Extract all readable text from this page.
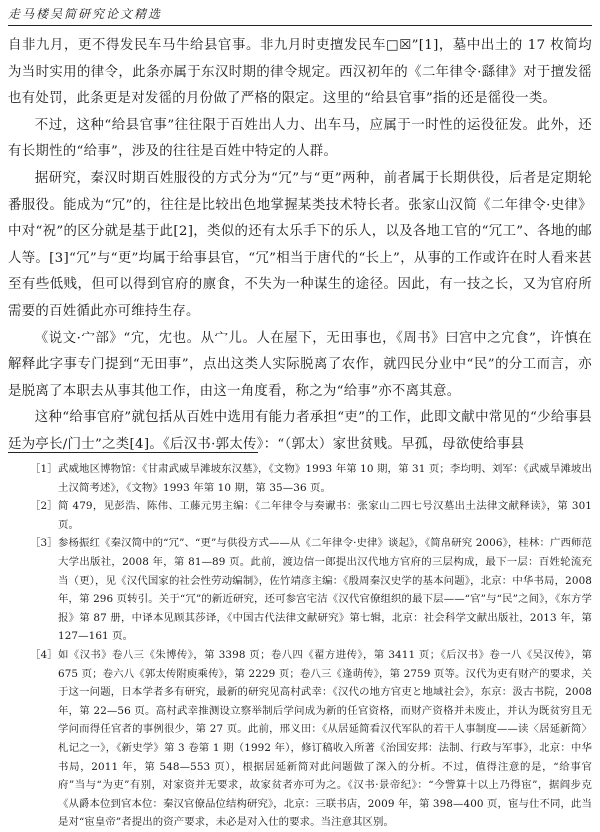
走马楼吴简研究论文精选

自非九月，更不得发民车马牛给县官事。非九月时吏擅发民车□☒”[1]，墓中出土的 17 枚简均为当时实用的律令，此条亦属于东汉时期的律令规定。西汉初年的《二年律令·繇律》对于擅发徭也有处罚，此条更是对发徭的月份做了严格的限定。这里的“给县官事”指的还是徭役一类。

不过，这种“给县官事”往往限于百姓出人力、出车马，应属于一时性的运役征发。此外，还有长期性的“给事”，涉及的往往是百姓中特定的人群。

据研究，秦汉时期百姓服役的方式分为“冗”与“更”两种，前者属于长期供役，后者是定期轮番服役。能成为“冗”的，往往是比较出色地掌握某类技术特长者。张家山汉简《二年律令·史律》中对“祝”的区分就是基于此[2]，类似的还有太乐手下的乐人，以及各地工官的“冗工”、各地的邮人等。[3]“冗”与“更”均属于给事县官，“冗”相当于唐代的“长上”，从事的工作或许在时人看来甚至有些低贱，但可以得到官府的廪食，不失为一种谋生的途径。因此，有一技之长，又为官府所需要的百姓循此亦可维持生存。

《说文·宀部》“宂，冘也。从宀儿。人在屋下，无田事也，《周书》曰宫中之宂食”，许慎在解释此字事专门提到“无田事”，点出这类人实际脱离了农作，就四民分业中“民”的分工而言，亦是脱离了本职去从事其他工作，由这一角度看，称之为“给事”亦不离其意。

这种“给事官府”就包括从百姓中选用有能力者承担“吏”的工作，此即文献中常见的“少给事县廷为亭长/门士”之类[4]。《后汉书·郭太传》：“（郭太）家世贫贱。早孤，母欲使给事县

［1］ 武威地区博物馆：《甘肃武威旱滩坡东汉墓》，《文物》1993 年第 10 期，第 31 页；李均明、刘军：《武威旱滩坡出土汉简考述》，《文物》1993 年第 10 期，第 35—36 页。
［2］ 简 479，见彭浩、陈伟、工藤元男主编：《二年律令与奏谳书：张家山二四七号汉墓出土法律文献释读》，第 301 页。
［3］ 参杨振红《秦汉简中的“冗”、“更”与供役方式——从《二年律令·史律》谈起》，《简帛研究 2006》，桂林：广西师范大学出版社，2008 年，第 81—89 页。此前，渡边信一郎提出汉代地方官府的三层构成，最下一层：百姓轮流充当（更），见《汉代国家的社会性劳动编制》，佐竹靖彦主编：《殷周秦汉史学的基本问题》，北京：中华书局，2008 年，第 296 页转引。关于“冗”的新近研究，还可参宫宅洁《汉代官僚组织的最下层——“官”与“民”之间》，《东方学报》第 87 册，中译本见顾其莎译，《中国古代法律文献研究》第七辑，北京：社会科学文献出版社，2013 年，第 127—161 页。
［4］ 如《汉书》卷八三《朱博传》，第 3398 页；卷八四《翟方进传》，第 3411 页；《后汉书》卷一八《吴汉传》，第 675 页；卷六八《郭太传附庾乘传》，第 2229 页；卷八三《逢萌传》，第 2759 页等。汉代为吏有财产的要求，关于这一问题，日本学者多有研究，最新的研究见高村武幸：《汉代の地方官吏と地域社会》，东京：汲古书院，2008 年，第 22—56 页。高村武幸推测设立察举制后学问成为新的任官资格，而财产资格并未废止，并认为既贫穷且无学问而得任官者的事例很少，第 27 页。此前，邢义田：《从居延简看汉代军队的若干人事制度——读〈居延新简〉札记之一》，《新史学》第 3 卷第 1 期（1992 年），修订稿收入所著《治国安邦：法制、行政与军事》，北京：中华书局，2011 年，第 548—553 页），根据居延新简对此问题做了深入的分析。不过，值得注意的是，“给事官府”当与“为吏”有别，对家资并无要求，故家贫者亦可为之。《汉书·景帝纪》：“今訾算十以上乃得宦”，据阎步克《从爵本位到官本位：秦汉官僚品位结构研究》，北京：三联书店，2009 年，第 398—400 页，宦与仕不同，此当是对“宦皇帝”者提出的资产要求，未必是对入仕的要求。当注意其区别。
